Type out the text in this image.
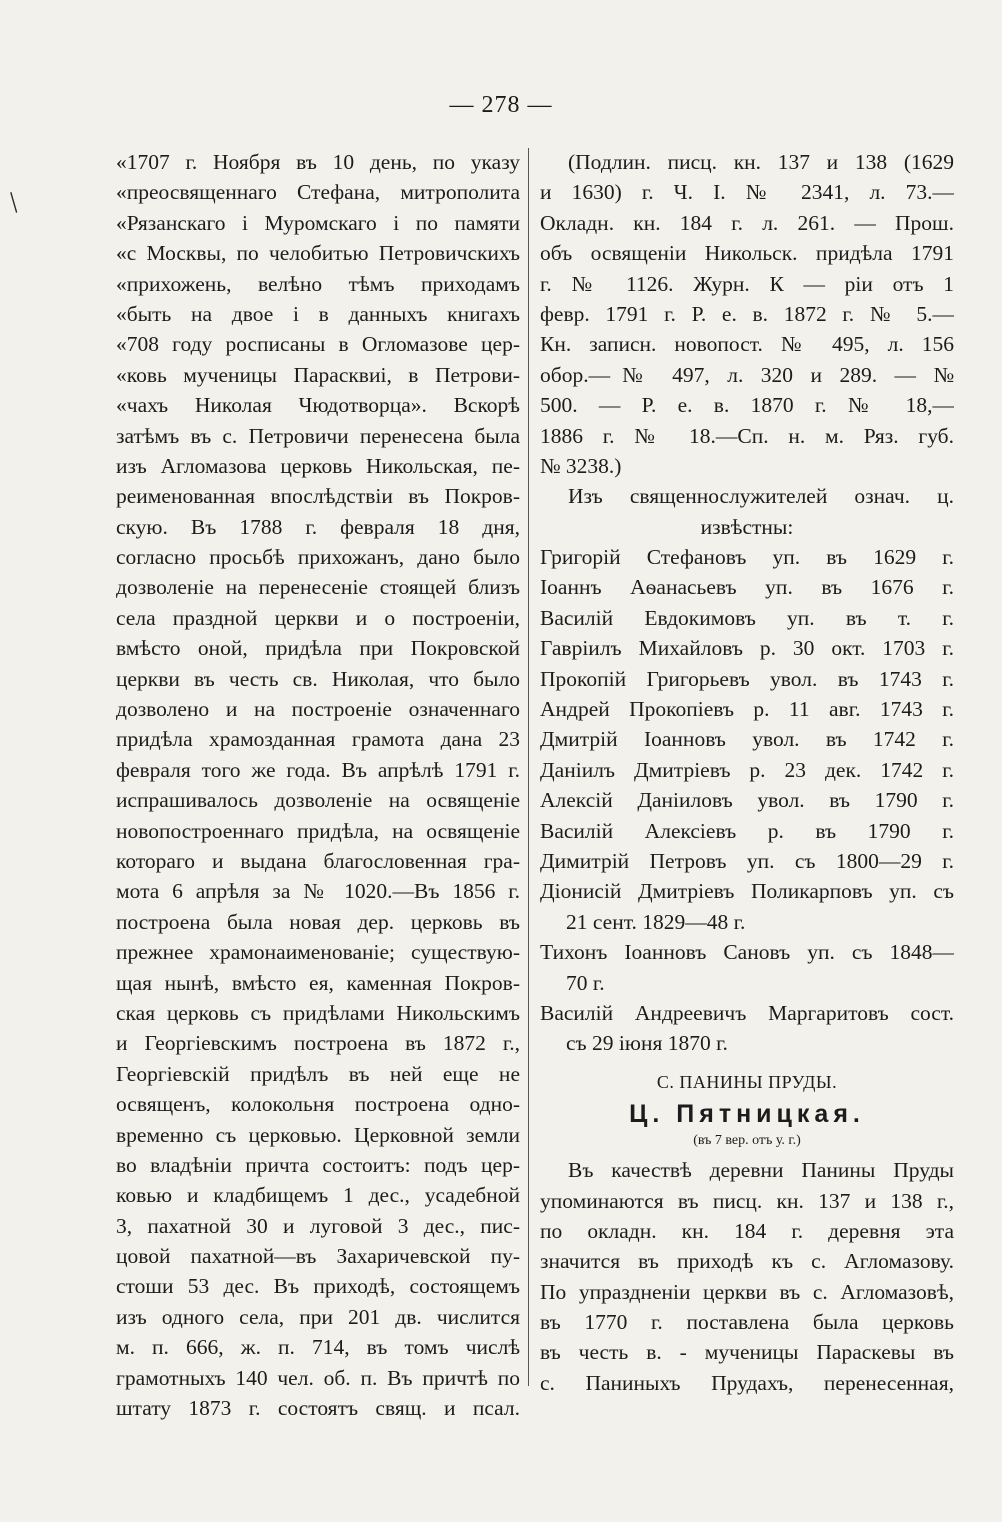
/
— 278 —
«1707 г. Ноября въ 10 день, по указу
«преосвященнаго Стефана, митрополита
«Рязанскаго і Муромскаго і по памяти
«с Москвы, по челобитью Петровичскихъ
«прихожень, велѣно тѣмъ приходамъ
«быть на двое і в данныхъ книгахъ
«708 году росписаны в Огломазове цер-
«ковь мученицы Парасквиі, в Петрови-
«чахъ Николая Чюдотворца». Вскорѣ
затѣмъ въ с. Петровичи перенесена была
изъ Агломазова церковь Никольская, пе-
реименованная впослѣдствіи въ Покров-
скую. Въ 1788 г. февраля 18 дня,
согласно просьбѣ прихожанъ, дано было
дозволеніе на перенесеніе стоящей близъ
села праздной церкви и о построеніи,
вмѣсто оной, придѣла при Покровской
церкви въ честь св. Николая, что было
дозволено и на построеніе означеннаго
придѣла храмозданная грамота дана 23
февраля того же года. Въ апрѣлѣ 1791 г.
испрашивалось дозволеніе на освященіе
новопостроеннаго придѣла, на освященіе
котораго и выдана благословенная гра-
мота 6 апрѣля за № 1020.—Въ 1856 г.
построена была новая дер. церковь въ
прежнее храмонаименованіе; существую-
щая нынѣ, вмѣсто ея, каменная Покров-
ская церковь съ придѣлами Никольскимъ
и Георгіевскимъ построена въ 1872 г.,
Георгіевскій придѣлъ въ ней еще не
освященъ, колокольня построена одно-
временно съ церковью. Церковной земли
во владѣніи причта состоитъ: подъ цер-
ковью и кладбищемъ 1 дес., усадебной
3, пахатной 30 и луговой 3 дес., пис-
цовой пахатной—въ Захаричевской пу-
стоши 53 дес. Въ приходѣ, состоящемъ
изъ одного села, при 201 дв. числится
м. п. 666, ж. п. 714, въ томъ числѣ
грамотныхъ 140 чел. об. п. Въ причтѣ по
штату 1873 г. состоятъ свящ. и псал.
(Подлин. писц. кн. 137 и 138 (1629
и 1630) г. Ч. І. № 2341, л. 73.—
Окладн. кн. 184 г. л. 261. — Прош.
объ освященіи Никольск. придѣла 1791
г. № 1126. Журн. К — ріи отъ 1
февр. 1791 г. Р. е. в. 1872 г. № 5.—
Кн. записн. новопост. № 495, л. 156
обор.—№ 497, л. 320 и 289. — №
500. — Р. е. в. 1870 г. № 18,—
1886 г. № 18.—Сп. н. м. Ряз. губ.
№ 3238.)
Изъ священнослужителей означ. ц.
извѣстны:
Григорій Стефановъ уп. въ 1629 г.
Іоаннъ Аѳанасьевъ уп. въ 1676 г.
Василій Евдокимовъ уп. въ т. г.
Гавріилъ Михайловъ р. 30 окт. 1703 г.
Прокопій Григорьевъ увол. въ 1743 г.
Андрей Прокопіевъ р. 11 авг. 1743 г.
Дмитрій Іоанновъ увол. въ 1742 г.
Даніилъ Дмитріевъ р. 23 дек. 1742 г.
Алексій Даніиловъ увол. въ 1790 г.
Василій Алексіевъ р. въ 1790 г.
Димитрій Петровъ уп. съ 1800—29 г.
Діонисій Дмитріевъ Поликарповъ уп. съ
21 сент. 1829—48 г.
Тихонъ Іоанновъ Сановъ уп. съ 1848—
70 г.
Василій Андреевичъ Маргаритовъ сост.
съ 29 іюня 1870 г.
С. ПАНИНЫ ПРУДЫ.
Ц. Пятницкая.
(въ 7 вер. отъ у. г.)
Въ качествѣ деревни Панины Пруды
упоминаются въ писц. кн. 137 и 138 г.,
по окладн. кн. 184 г. деревня эта
значится въ приходѣ къ с. Агломазову.
По упраздненіи церкви въ с. Агломазовѣ,
въ 1770 г. поставлена была церковь
въ честь в. - мученицы Параскевы въ
с. Паниныхъ Прудахъ, перенесенная,
